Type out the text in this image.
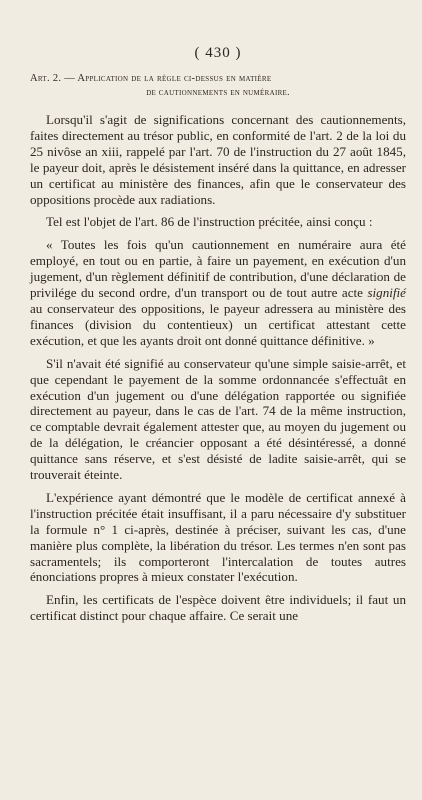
( 430 )
Art. 2. — Application de la règle ci-dessus en matière
de cautionnements en numéraire.

Lorsqu'il s'agit de significations concernant des cautionnements, faites directement au trésor public, en conformité de l'art. 2 de la loi du 25 nivôse an xiii, rappelé par l'art. 70 de l'instruction du 27 août 1845, le payeur doit, après le désistement inséré dans la quittance, en adresser un certificat au ministère des finances, afin que le conservateur des oppositions procède aux radiations.

Tel est l'objet de l'art. 86 de l'instruction précitée, ainsi conçu :

« Toutes les fois qu'un cautionnement en numéraire aura été employé, en tout ou en partie, à faire un payement, en exécution d'un jugement, d'un règlement définitif de contribution, d'une déclaration de privilége du second ordre, d'un transport ou de tout autre acte signifié au conservateur des oppositions, le payeur adressera au ministère des finances (division du contentieux) un certificat attestant cette exécution, et que les ayants droit ont donné quittance définitive. »

S'il n'avait été signifié au conservateur qu'une simple saisie-arrêt, et que cependant le payement de la somme ordonnancée s'effectuât en exécution d'un jugement ou d'une délégation rapportée ou signifiée directement au payeur, dans le cas de l'art. 74 de la même instruction, ce comptable devrait également attester que, au moyen du jugement ou de la délégation, le créancier opposant a été désintéressé, a donné quittance sans réserve, et s'est désisté de ladite saisie-arrêt, qui se trouverait éteinte.

L'expérience ayant démontré que le modèle de certificat annexé à l'instruction précitée était insuffisant, il a paru nécessaire d'y substituer la formule n° 1 ci-après, destinée à préciser, suivant les cas, d'une manière plus complète, la libération du trésor. Les termes n'en sont pas sacramentels; ils comporteront l'intercalation de toutes autres énonciations propres à mieux constater l'exécution.

Enfin, les certificats de l'espèce doivent être individuels; il faut un certificat distinct pour chaque affaire. Ce serait une
